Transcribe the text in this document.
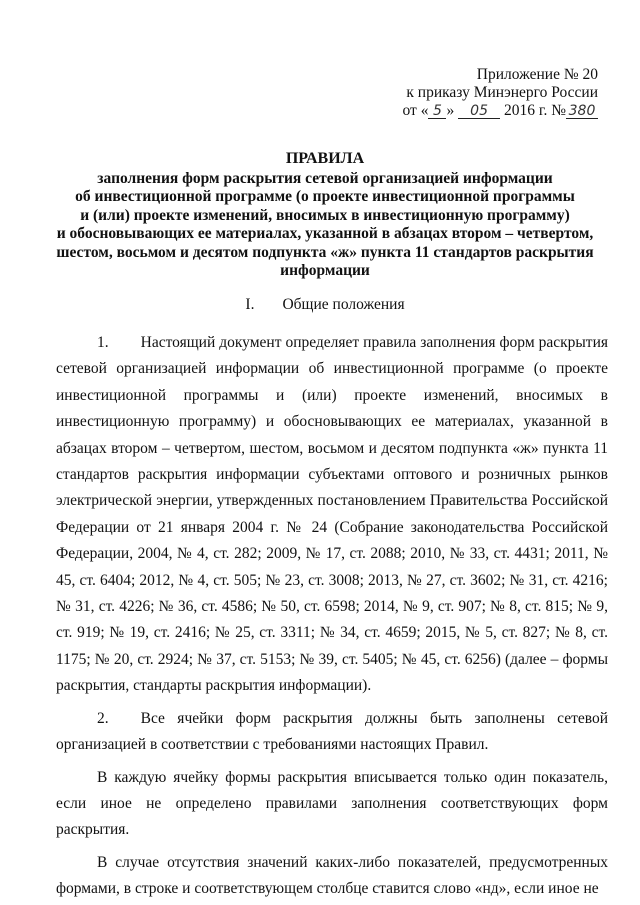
Приложение № 20
к приказу Минэнерго России
от « 5 » 05 2016 г. № 380
ПРАВИЛА
заполнения форм раскрытия сетевой организацией информации
об инвестиционной программе (о проекте инвестиционной программы
и (или) проекте изменений, вносимых в инвестиционную программу)
и обосновывающих ее материалах, указанной в абзацах втором – четвертом,
шестом, восьмом и десятом подпункта «ж» пункта 11 стандартов раскрытия
информации
I. Общие положения

1. Настоящий документ определяет правила заполнения форм раскрытия сетевой организацией информации об инвестиционной программе (о проекте инвестиционной программы и (или) проекте изменений, вносимых в инвестиционную программу) и обосновывающих ее материалах, указанной в абзацах втором – четвертом, шестом, восьмом и десятом подпункта «ж» пункта 11 стандартов раскрытия информации субъектами оптового и розничных рынков электрической энергии, утвержденных постановлением Правительства Российской Федерации от 21 января 2004 г. № 24 (Собрание законодательства Российской Федерации, 2004, № 4, ст. 282; 2009, № 17, ст. 2088; 2010, № 33, ст. 4431; 2011, № 45, ст. 6404; 2012, № 4, ст. 505; № 23, ст. 3008; 2013, № 27, ст. 3602; № 31, ст. 4216; № 31, ст. 4226; № 36, ст. 4586; № 50, ст. 6598; 2014, № 9, ст. 907; № 8, ст. 815; № 9, ст. 919; № 19, ст. 2416; № 25, ст. 3311; № 34, ст. 4659; 2015, № 5, ст. 827; № 8, ст. 1175; № 20, ст. 2924; № 37, ст. 5153; № 39, ст. 5405; № 45, ст. 6256) (далее – формы раскрытия, стандарты раскрытия информации).

2. Все ячейки форм раскрытия должны быть заполнены сетевой организацией в соответствии с требованиями настоящих Правил.

В каждую ячейку формы раскрытия вписывается только один показатель, если иное не определено правилами заполнения соответствующих форм раскрытия.

В случае отсутствия значений каких-либо показателей, предусмотренных формами, в строке и соответствующем столбце ставится слово «нд», если иное не
